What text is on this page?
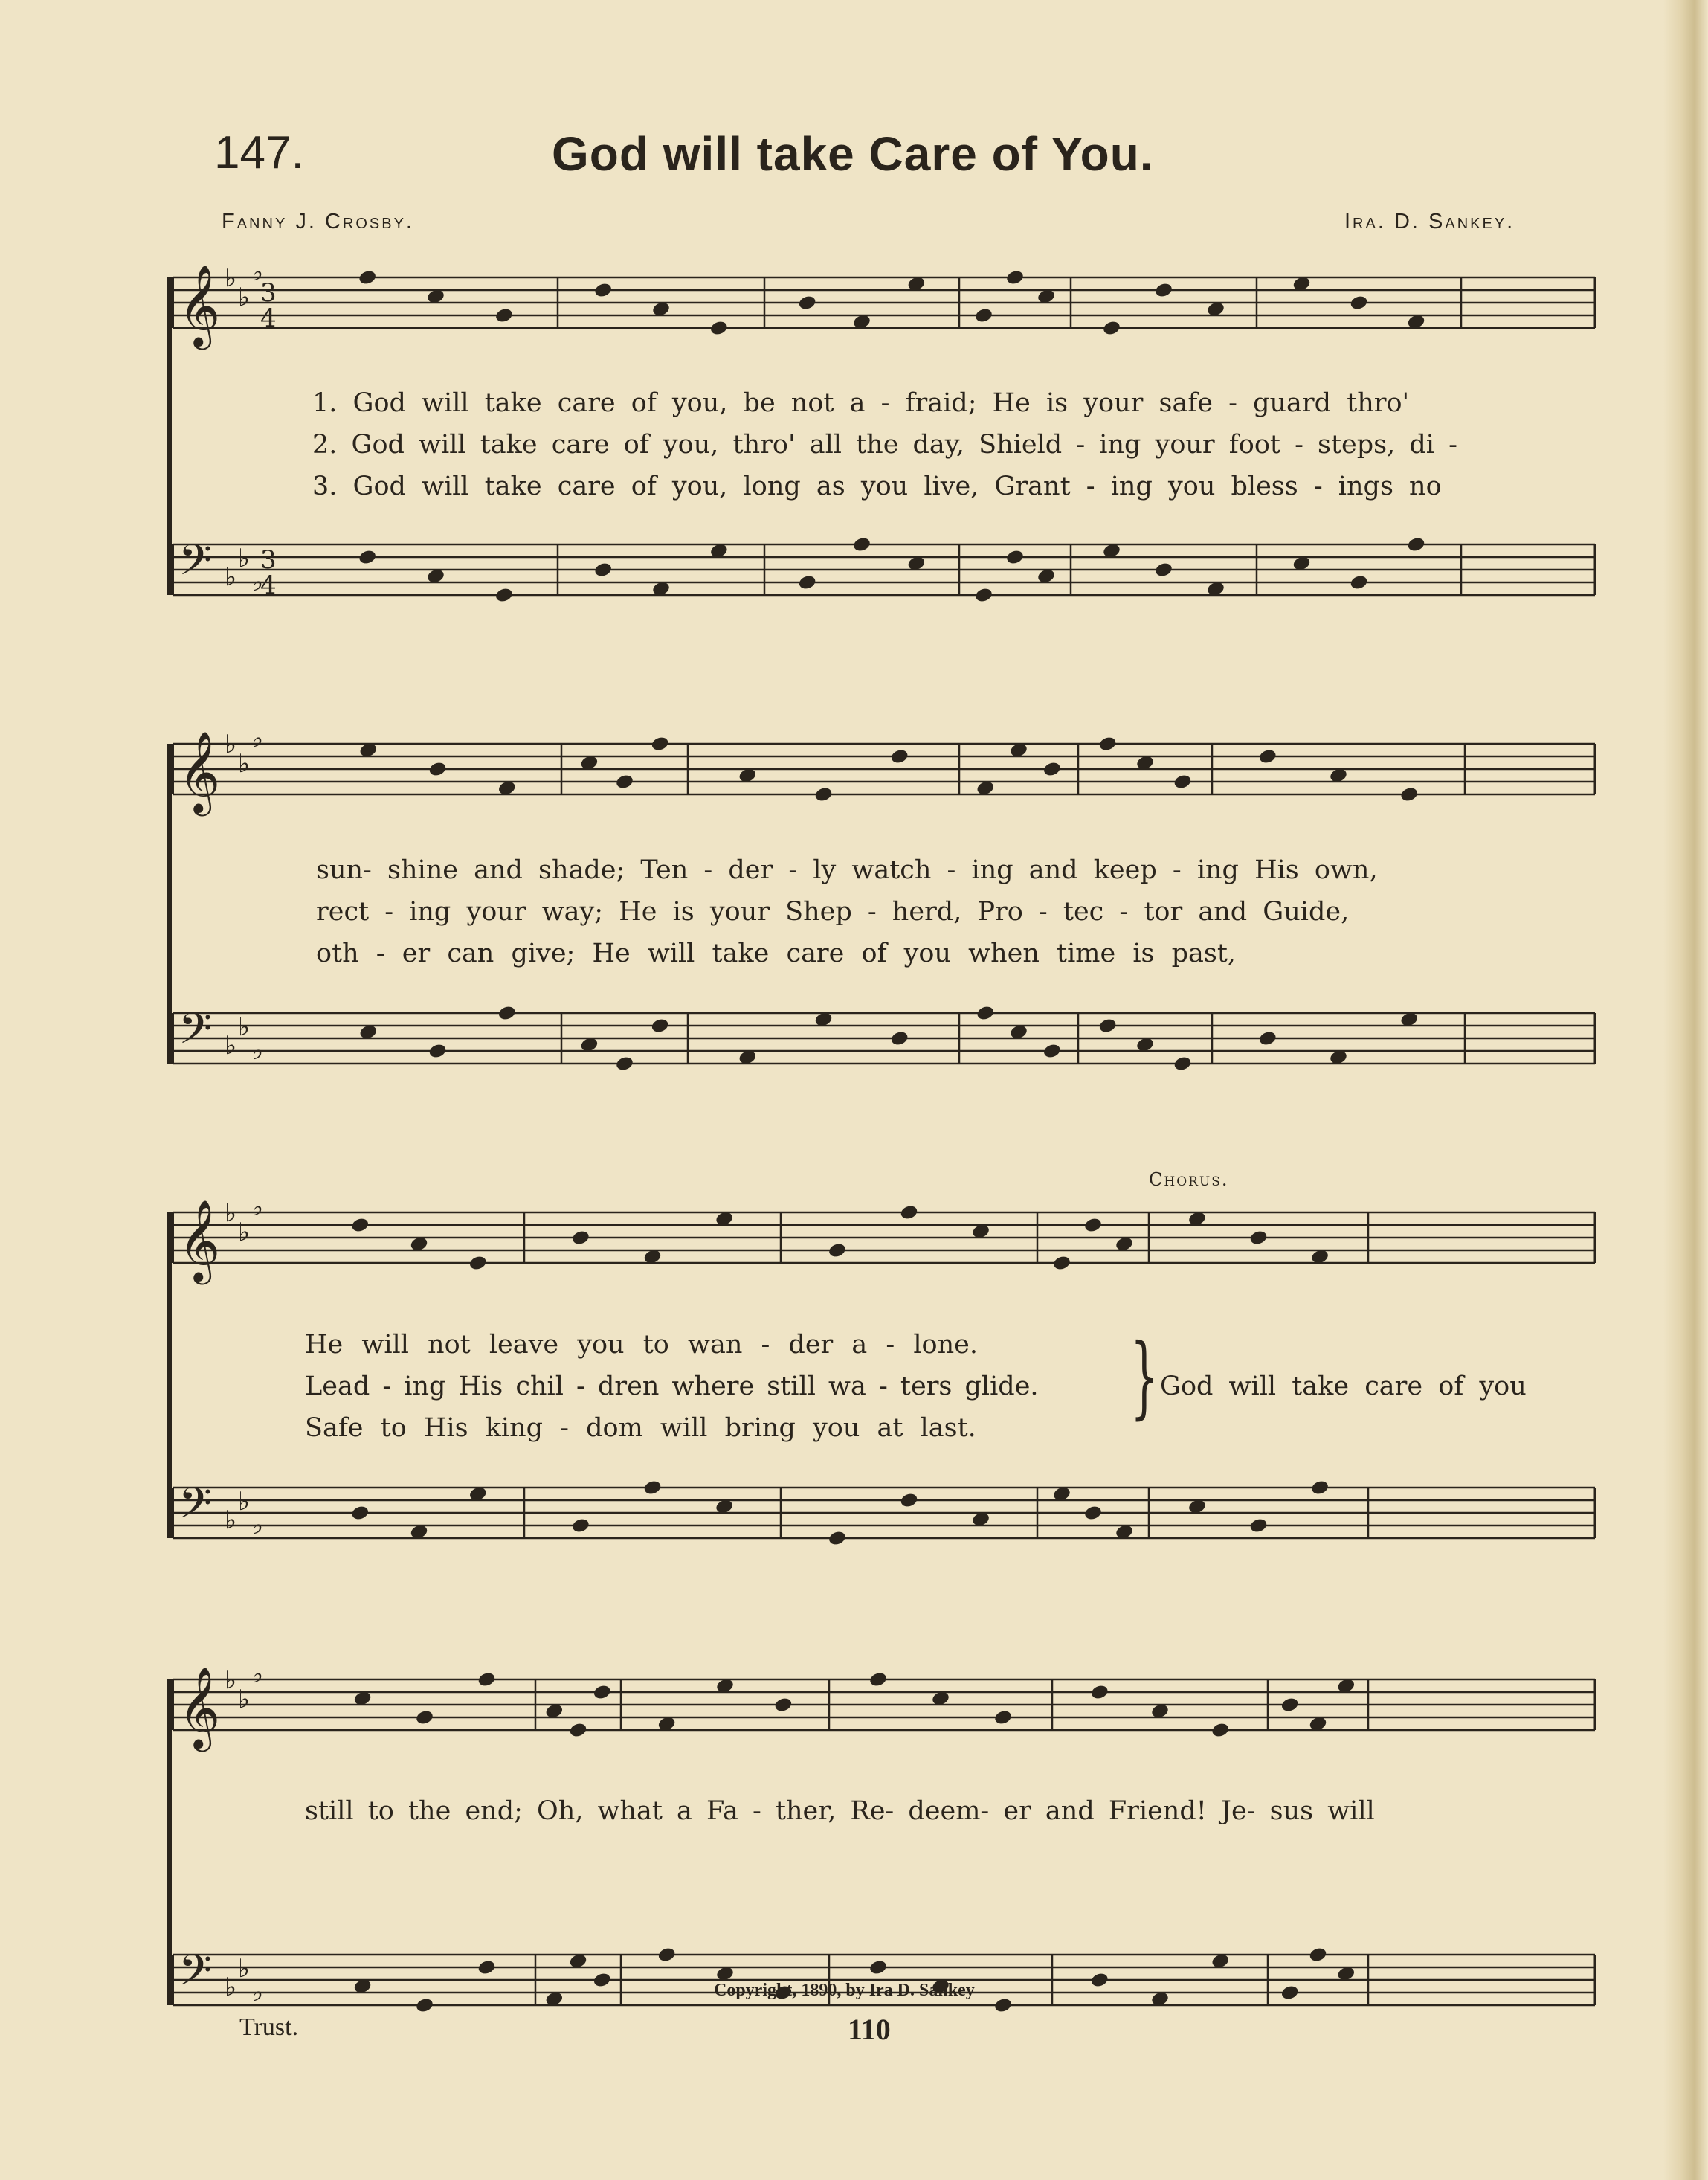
147.	God will take Care of You.
Fanny J. Crosby.	Ira. D. Sankey.
𝄞 ♭
♭
♭
3
4
𝄢 ♭
♭
♭
3
4
𝄞 ♭
♭
♭
𝄢 ♭
♭
♭
𝄞 ♭
♭
♭
𝄢 ♭
♭
♭
𝄞 ♭
♭
♭
𝄢 ♭
♭
♭
1. God will take care of you, be not a - fraid; He is your safe - guard thro'
2. God will take care of you, thro' all the day, Shield - ing your foot - steps, di -
3. God will take care of you, long as you live, Grant - ing you bless - ings no
sun- shine and shade; Ten - der - ly watch - ing and keep - ing His own,
rect - ing your way; He is your Shep - herd, Pro - tec - tor and Guide,
oth - er can give; He will take care of you when time is past,
Chorus.
He will not leave you to wan - der a - lone.
Lead - ing His chil - dren where still wa - ters glide.
Safe to His king - dom will bring you at last. } God will take care of you
still to the end; Oh, what a Fa - ther, Re- deem- er and Friend! Je- sus will
Copyright, 1890, by Ira D. Sankey
110
Trust.
